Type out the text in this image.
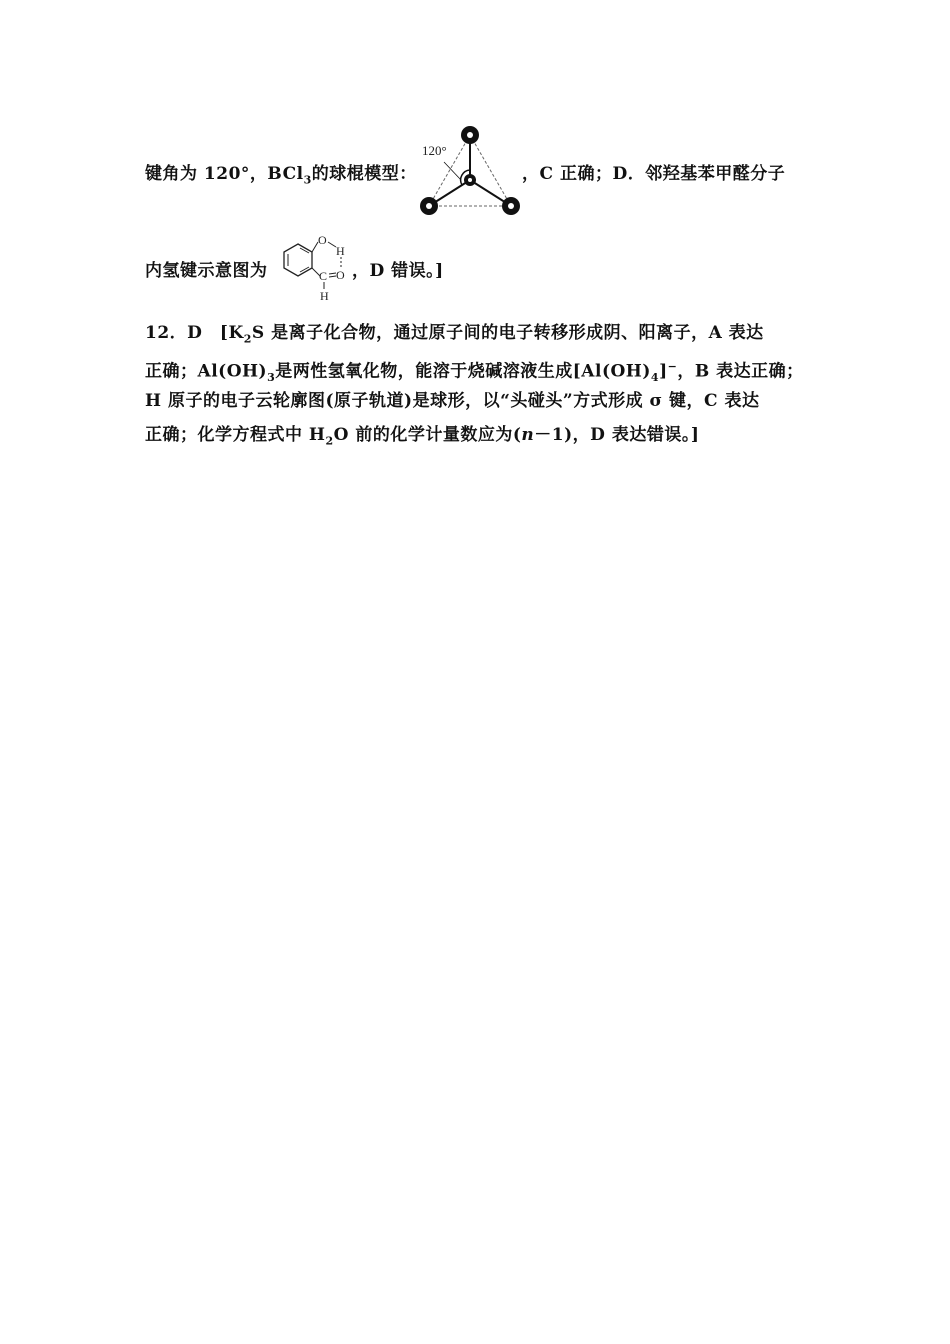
键角为 120°，BCl$_3$的球棍模型：	，C 正确；D．邻羟基苯甲醛分子
120°
内氢键示意图为	，D 错误。]
O
H
C O
H
12．D　[$K_2S$ 是离子化合物，通过原子间的电子转移形成阴、阳离子，A 表达
正确；$Al(OH)_3$是两性氢氧化物，能溶于烧碱溶液生成$[Al(OH)_4]^-$，B 表达正确；
H 原子的电子云轮廓图(原子轨道)是球形，以“头碰头”方式形成 σ 键，C 表达
正确；化学方程式中 $H_2O$ 前的化学计量数应为(n－1)，D 表达错误。]
